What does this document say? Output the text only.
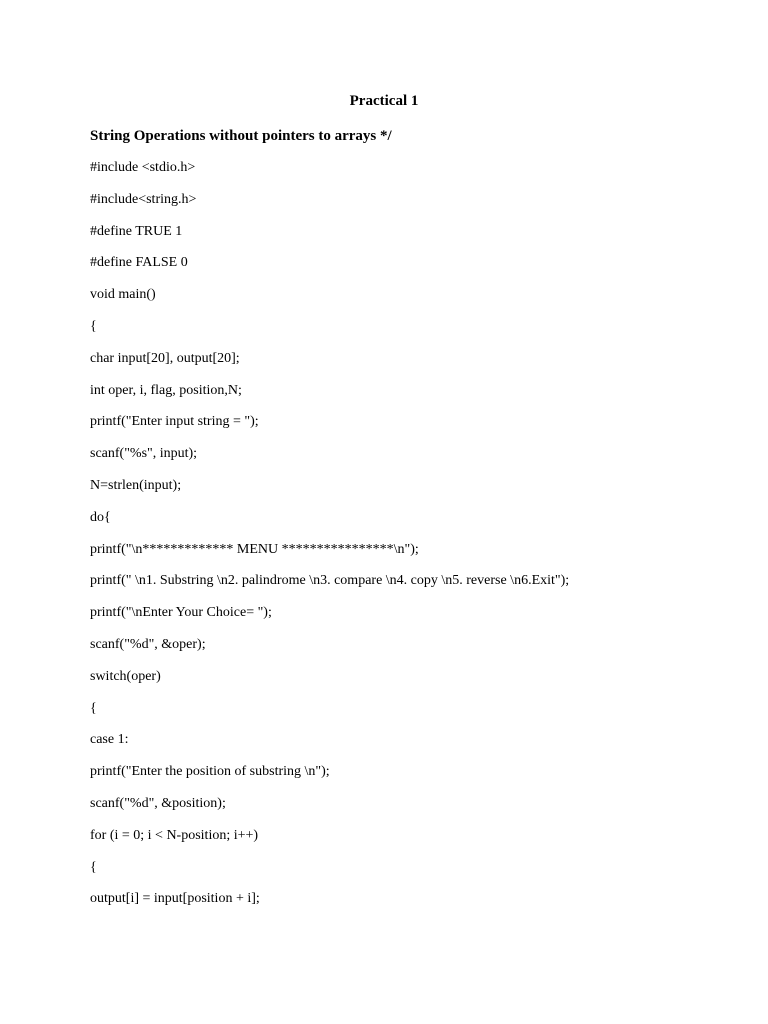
Practical 1
String Operations without pointers to arrays */
#include <stdio.h>
#include<string.h>
#define TRUE 1
#define FALSE 0
void main()
{
char input[20], output[20];
int oper, i, flag, position,N;
printf("Enter input string = ");
scanf("%s", input);
N=strlen(input);
do{
printf("\n************* MENU ****************\n");
printf(" \n1. Substring \n2. palindrome \n3. compare \n4. copy \n5. reverse \n6.Exit");
printf("\nEnter Your Choice= ");
scanf("%d", &oper);
switch(oper)
{
case 1:
printf("Enter the position of substring \n");
scanf("%d", &position);
for (i = 0; i < N-position; i++)
{
output[i] = input[position + i];
